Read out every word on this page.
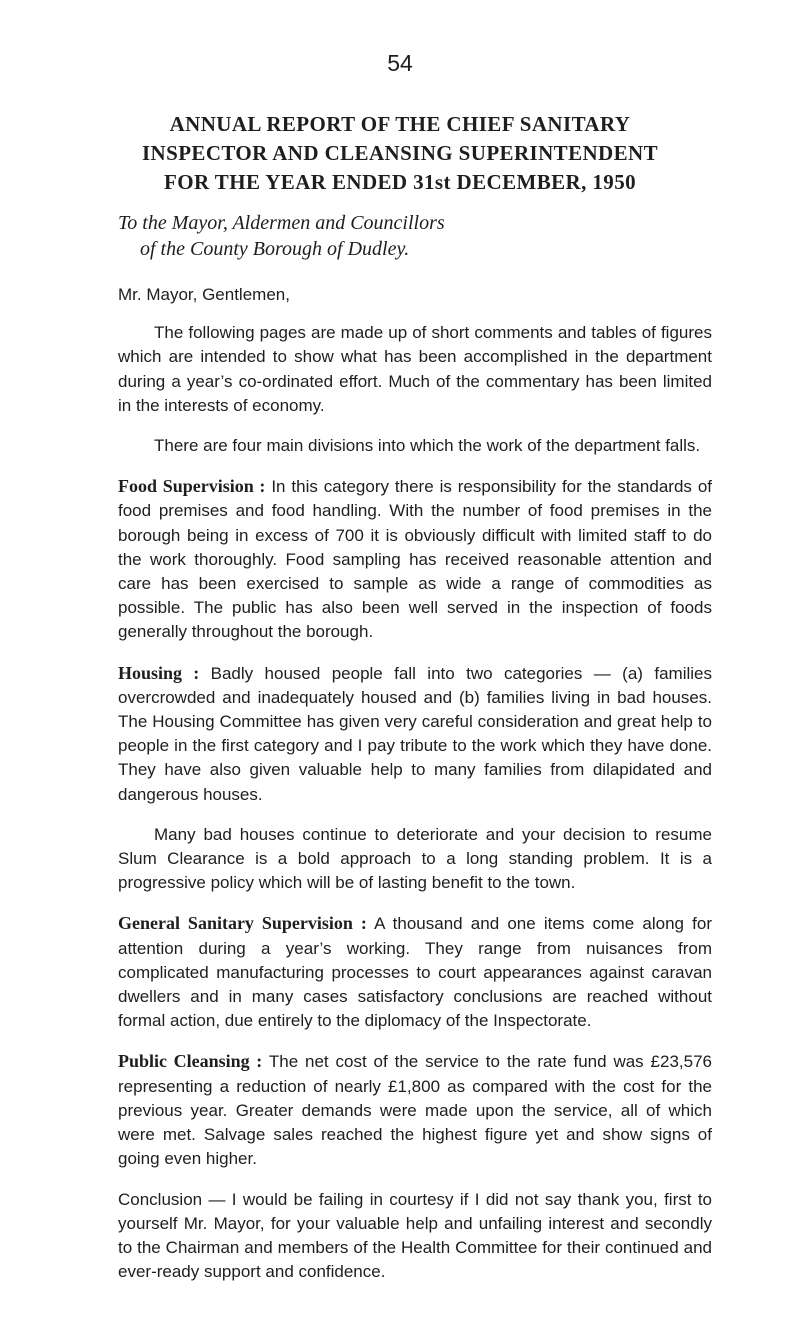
54
ANNUAL REPORT OF THE CHIEF SANITARY
INSPECTOR AND CLEANSING SUPERINTENDENT
FOR THE YEAR ENDED 31st DECEMBER, 1950
To the Mayor, Aldermen and Councillors
of the County Borough of Dudley.

Mr. Mayor, Gentlemen,

The following pages are made up of short comments and tables of figures which are intended to show what has been accomplished in the department during a year’s co-ordinated effort. Much of the commentary has been limited in the interests of economy.

There are four main divisions into which the work of the department falls.

Food Supervision : In this category there is responsibility for the standards of food premises and food handling. With the number of food premises in the borough being in excess of 700 it is obviously difficult with limited staff to do the work thoroughly. Food sampling has received reasonable attention and care has been exercised to sample as wide a range of commodities as possible. The public has also been well served in the inspection of foods generally throughout the borough.

Housing : Badly housed people fall into two categories — (a) families overcrowded and inadequately housed and (b) families living in bad houses. The Housing Committee has given very careful consideration and great help to people in the first category and I pay tribute to the work which they have done. They have also given valuable help to many families from dilapidated and dangerous houses.

Many bad houses continue to deteriorate and your decision to resume Slum Clearance is a bold approach to a long standing problem. It is a progressive policy which will be of lasting benefit to the town.

General Sanitary Supervision : A thousand and one items come along for attention during a year’s working. They range from nuisances from complicated manufacturing processes to court appearances against caravan dwellers and in many cases satisfactory conclusions are reached without formal action, due entirely to the diplomacy of the Inspectorate.

Public Cleansing : The net cost of the service to the rate fund was £23,576 representing a reduction of nearly £1,800 as compared with the cost for the previous year. Greater demands were made upon the service, all of which were met. Salvage sales reached the highest figure yet and show signs of going even higher.

Conclusion — I would be failing in courtesy if I did not say thank you, first to yourself Mr. Mayor, for your valuable help and unfailing interest and secondly to the Chairman and members of the Health Committee for their continued and ever-ready support and confidence.
